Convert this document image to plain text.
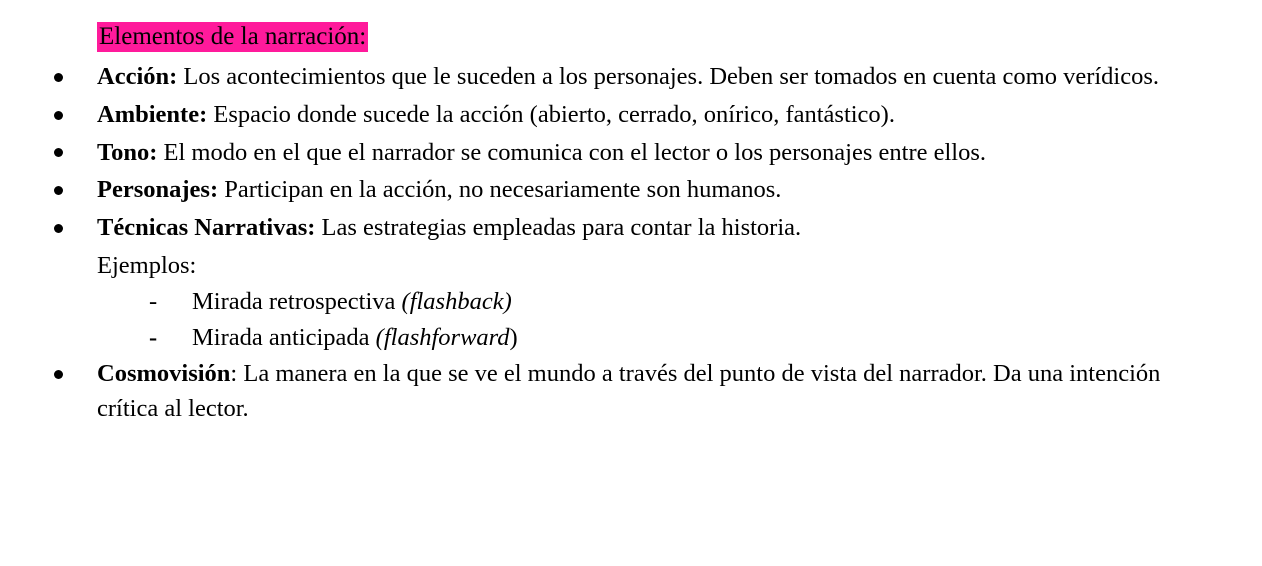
Elementos de la narración:
Acción: Los acontecimientos que le suceden a los personajes. Deben ser tomados en cuenta como verídicos.
Ambiente: Espacio donde sucede la acción (abierto, cerrado, onírico, fantástico).
Tono: El modo en el que el narrador se comunica con el lector o los personajes entre ellos.
Personajes: Participan en la acción, no necesariamente son humanos.
Técnicas Narrativas: Las estrategias empleadas para contar la historia.
Ejemplos:
- Mirada retrospectiva (flashback)
- Mirada anticipada (flashforward)
Cosmovisión: La manera en la que se ve el mundo a través del punto de vista del narrador. Da una intención crítica al lector.
